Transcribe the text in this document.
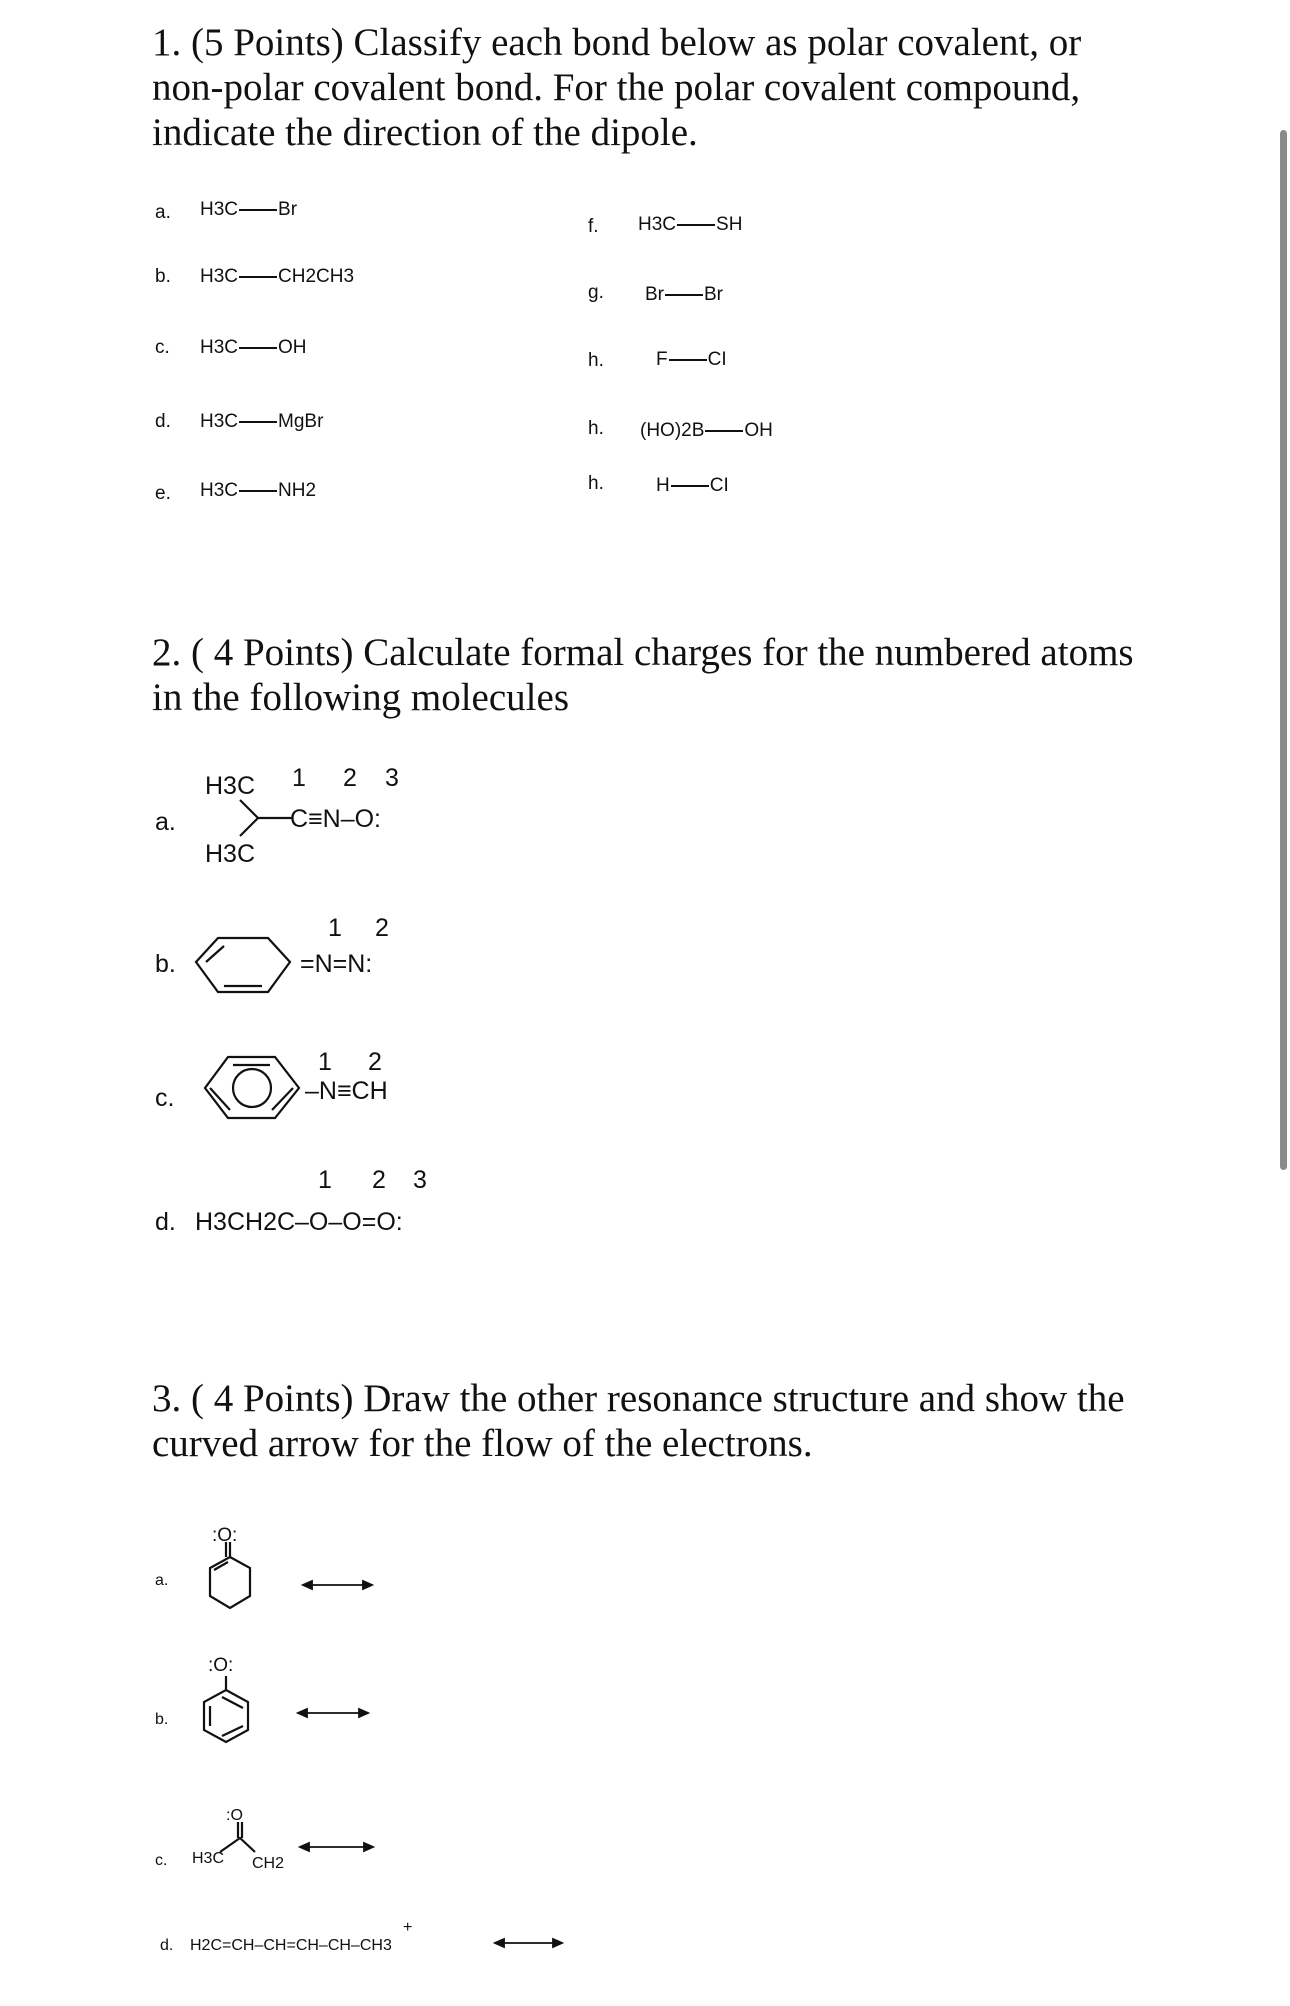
1. (5 Points) Classify each bond below as polar covalent, or non-polar covalent bond. For the polar covalent compound, indicate the direction of the dipole.
a. H3C Br
b. H3C CH2CH3
c. H3C OH
d. H3C MgBr
e. H3C NH2
f. H3C SH
g. Br Br
h.	F CI
h. (HO)2B OH
h.	H CI
2. ( 4 Points) Calculate formal charges for the numbered atoms in the following molecules
a.
H3C
H3C
1 2 3
C≡N–O:
b.
1 2
=N=N:
c.
1 2
–N≡CH
1 2 3
d. H3CH2C–O–O=O:
3. ( 4 Points) Draw the other resonance structure and show the curved arrow for the flow of the electrons.
a.
:O:
b.
:O:
c.
:O
H3C CH2
d. H2C=CH–CH=CH–CH–CH3
+
